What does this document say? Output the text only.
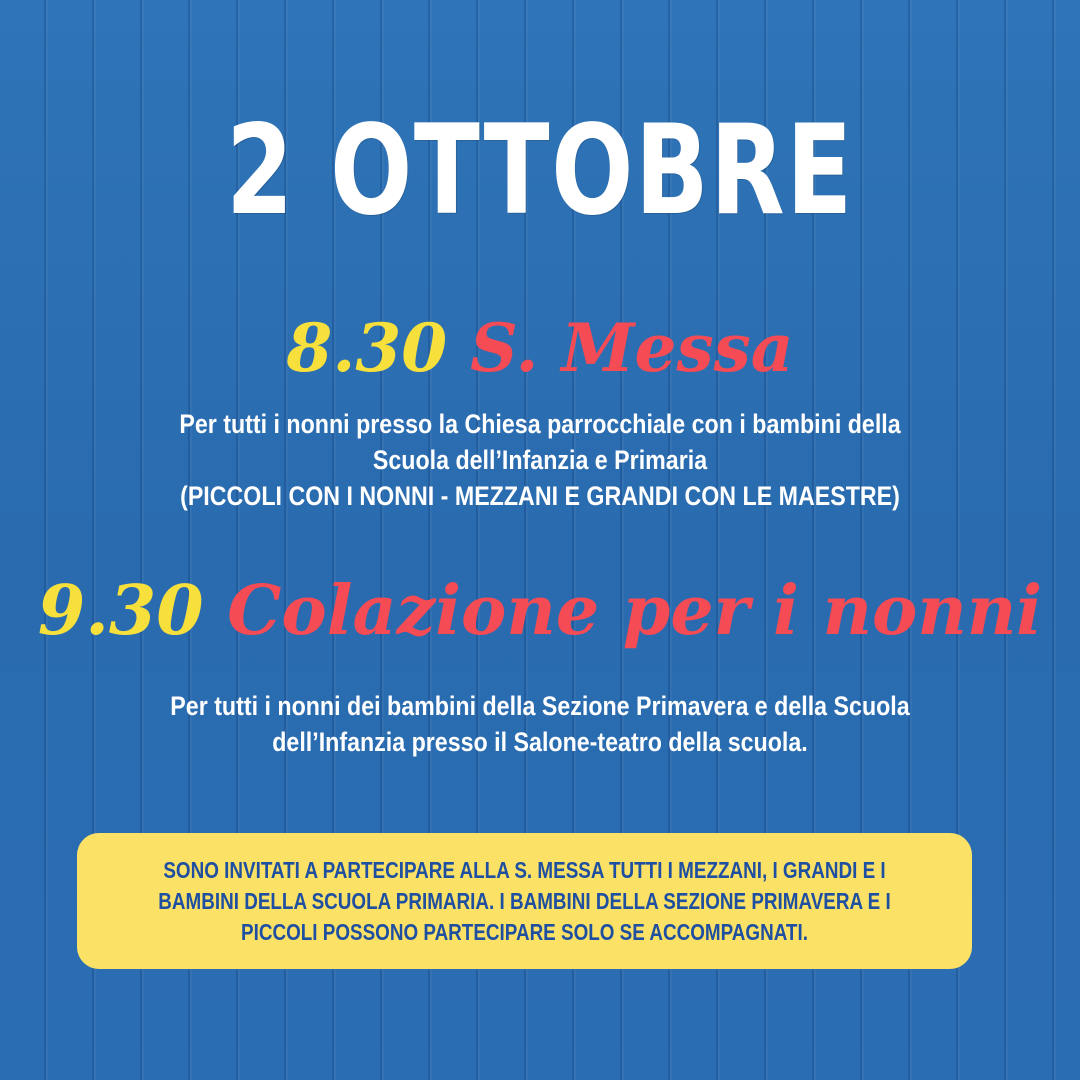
2 OTTOBRE
8.30 S. Messa
Per tutti i nonni presso la Chiesa parrocchiale con i bambini della
Scuola dell’Infanzia e Primaria
(PICCOLI CON I NONNI - MEZZANI E GRANDI CON LE MAESTRE)
9.30 Colazione per i nonni
Per tutti i nonni dei bambini della Sezione Primavera e della Scuola
dell’Infanzia presso il Salone-teatro della scuola.
SONO INVITATI A PARTECIPARE ALLA S. MESSA TUTTI I MEZZANI, I GRANDI E I
BAMBINI DELLA SCUOLA PRIMARIA. I BAMBINI DELLA SEZIONE PRIMAVERA E I
PICCOLI POSSONO PARTECIPARE SOLO SE ACCOMPAGNATI.
